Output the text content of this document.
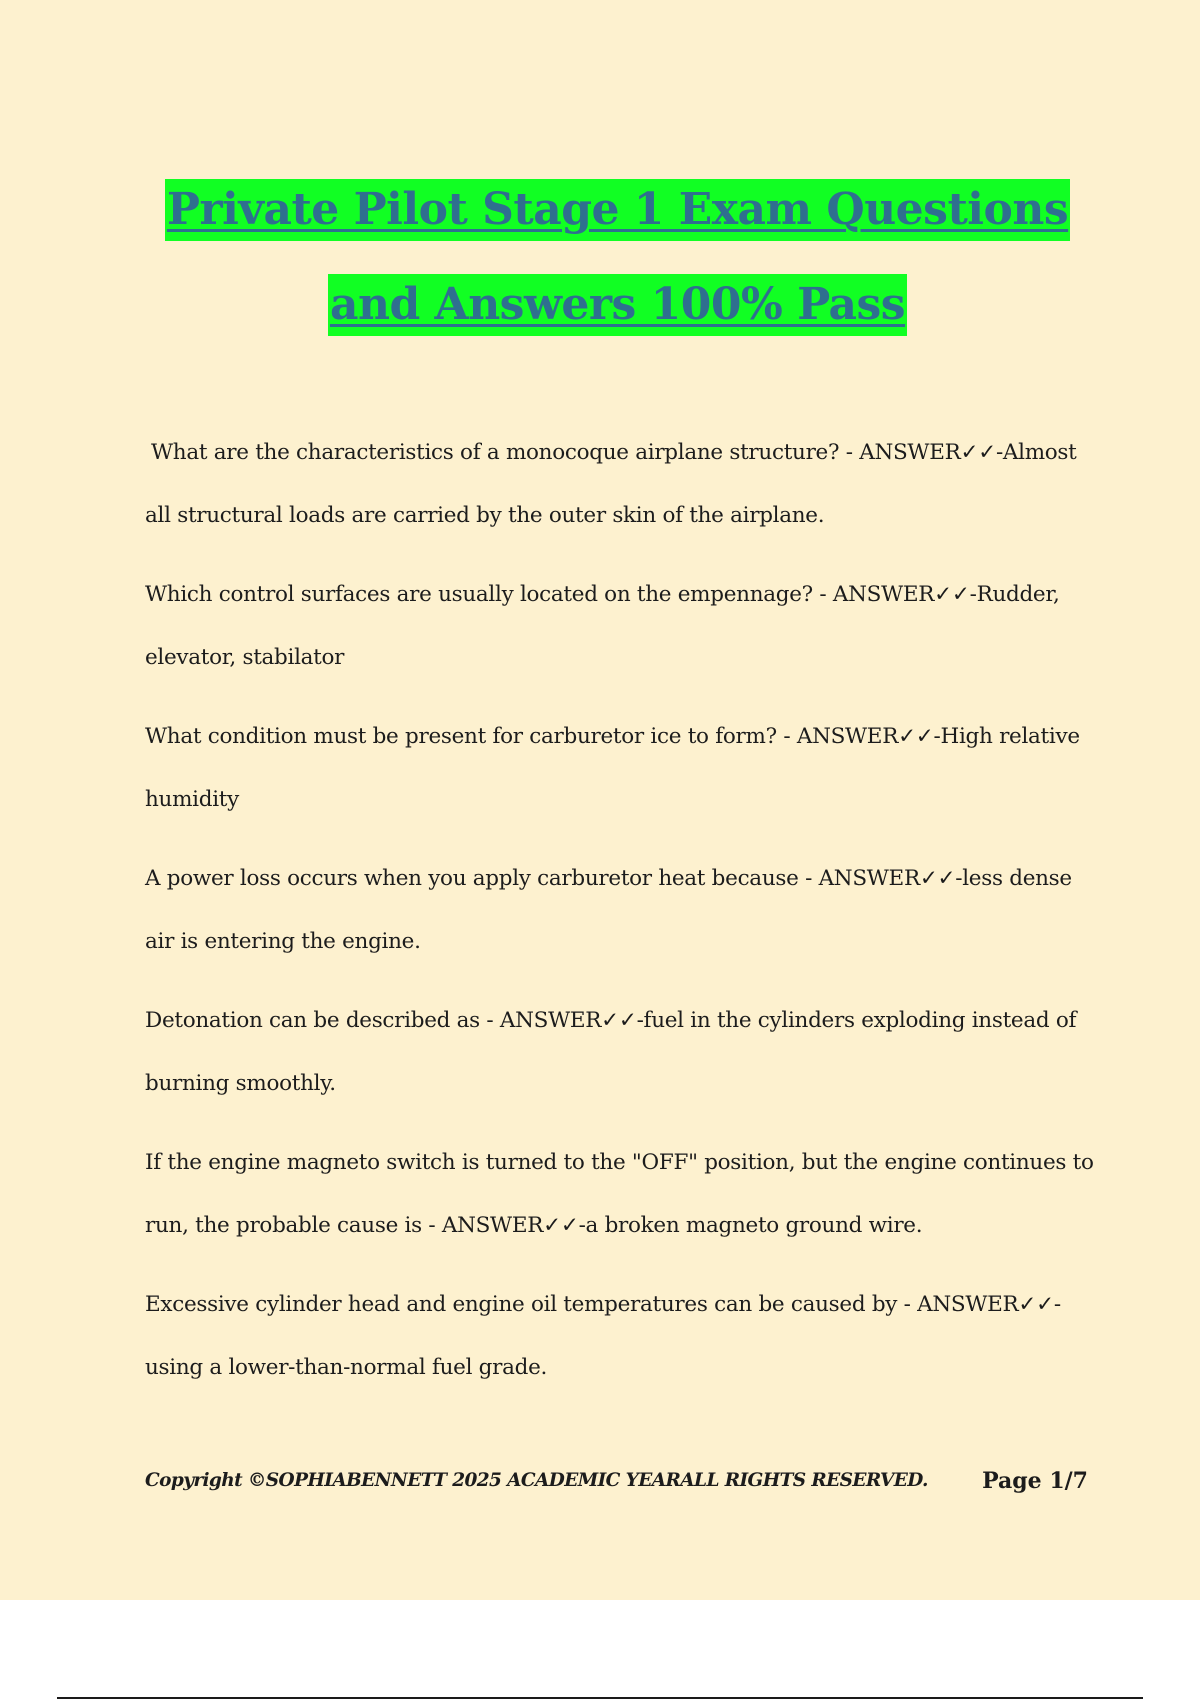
Private Pilot Stage 1 Exam Questions
and Answers 100% Pass

What are the characteristics of a monocoque airplane structure? - ANSWER✓✓-Almost all structural loads are carried by the outer skin of the airplane.

Which control surfaces are usually located on the empennage? - ANSWER✓✓-Rudder, elevator, stabilator

What condition must be present for carburetor ice to form? - ANSWER✓✓-High relative humidity

A power loss occurs when you apply carburetor heat because - ANSWER✓✓-less dense air is entering the engine.

Detonation can be described as - ANSWER✓✓-fuel in the cylinders exploding instead of burning smoothly.

If the engine magneto switch is turned to the "OFF" position, but the engine continues to run, the probable cause is - ANSWER✓✓-a broken magneto ground wire.

Excessive cylinder head and engine oil temperatures can be caused by - ANSWER✓✓-using a lower-than-normal fuel grade.

Copyright ©SOPHIABENNETT 2025 ACADEMIC YEARALL RIGHTS RESERVED. Page 1/7
